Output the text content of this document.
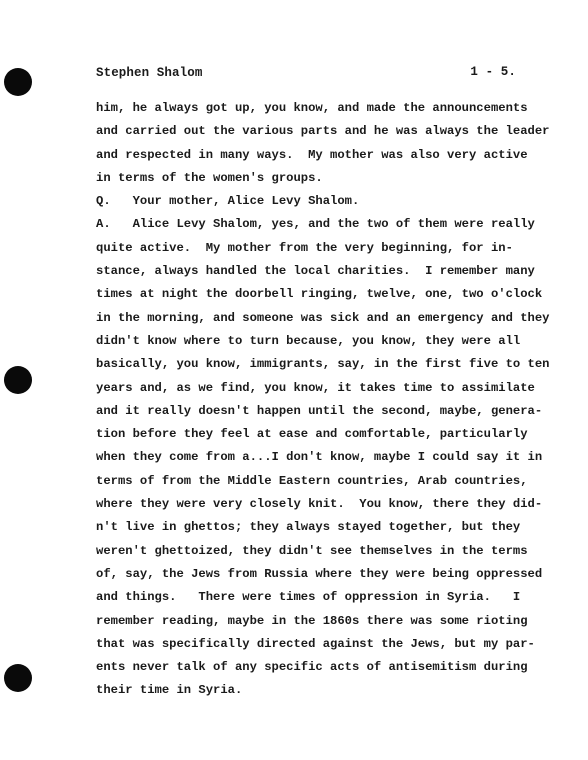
Stephen Shalom	1 - 5.
him, he always got up, you know, and made the announcements
and carried out the various parts and he was always the leader
and respected in many ways.  My mother was also very active
in terms of the women's groups.
Q.   Your mother, Alice Levy Shalom.
A.   Alice Levy Shalom, yes, and the two of them were really
quite active.  My mother from the very beginning, for in-
stance, always handled the local charities.  I remember many
times at night the doorbell ringing, twelve, one, two o'clock
in the morning, and someone was sick and an emergency and they
didn't know where to turn because, you know, they were all
basically, you know, immigrants, say, in the first five to ten
years and, as we find, you know, it takes time to assimilate
and it really doesn't happen until the second, maybe, genera-
tion before they feel at ease and comfortable, particularly
when they come from a...I don't know, maybe I could say it in
terms of from the Middle Eastern countries, Arab countries,
where they were very closely knit.  You know, there they did-
n't live in ghettos; they always stayed together, but they
weren't ghettoized, they didn't see themselves in the terms
of, say, the Jews from Russia where they were being oppressed
and things.   There were times of oppression in Syria.   I
remember reading, maybe in the 1860s there was some rioting
that was specifically directed against the Jews, but my par-
ents never talk of any specific acts of antisemitism during
their time in Syria.
